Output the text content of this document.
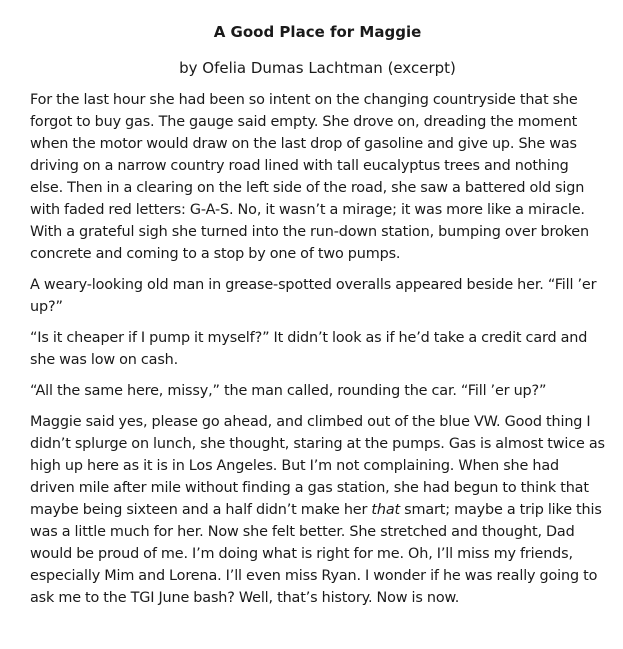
A Good Place for Maggie
by Ofelia Dumas Lachtman (excerpt)

For the last hour she had been so intent on the changing countryside that she forgot to buy gas. The gauge said empty. She drove on, dreading the moment when the motor would draw on the last drop of gasoline and give up. She was driving on a narrow country road lined with tall eucalyptus trees and nothing else. Then in a clearing on the left side of the road, she saw a battered old sign with faded red letters: G-A-S. No, it wasn’t a mirage; it was more like a miracle. With a grateful sigh she turned into the run-down station, bumping over broken concrete and coming to a stop by one of two pumps.

A weary-looking old man in grease-spotted overalls appeared beside her. “Fill ’er up?”

“Is it cheaper if I pump it myself?” It didn’t look as if he’d take a credit card and she was low on cash.

“All the same here, missy,” the man called, rounding the car. “Fill ’er up?”

Maggie said yes, please go ahead, and climbed out of the blue VW. Good thing I didn’t splurge on lunch, she thought, staring at the pumps. Gas is almost twice as high up here as it is in Los Angeles. But I’m not complaining. When she had driven mile after mile without finding a gas station, she had begun to think that maybe being sixteen and a half didn’t make her that smart; maybe a trip like this was a little much for her. Now she felt better. She stretched and thought, Dad would be proud of me. I’m doing what is right for me. Oh, I’ll miss my friends, especially Mim and Lorena. I’ll even miss Ryan. I wonder if he was really going to ask me to the TGI June bash? Well, that’s history. Now is now.
